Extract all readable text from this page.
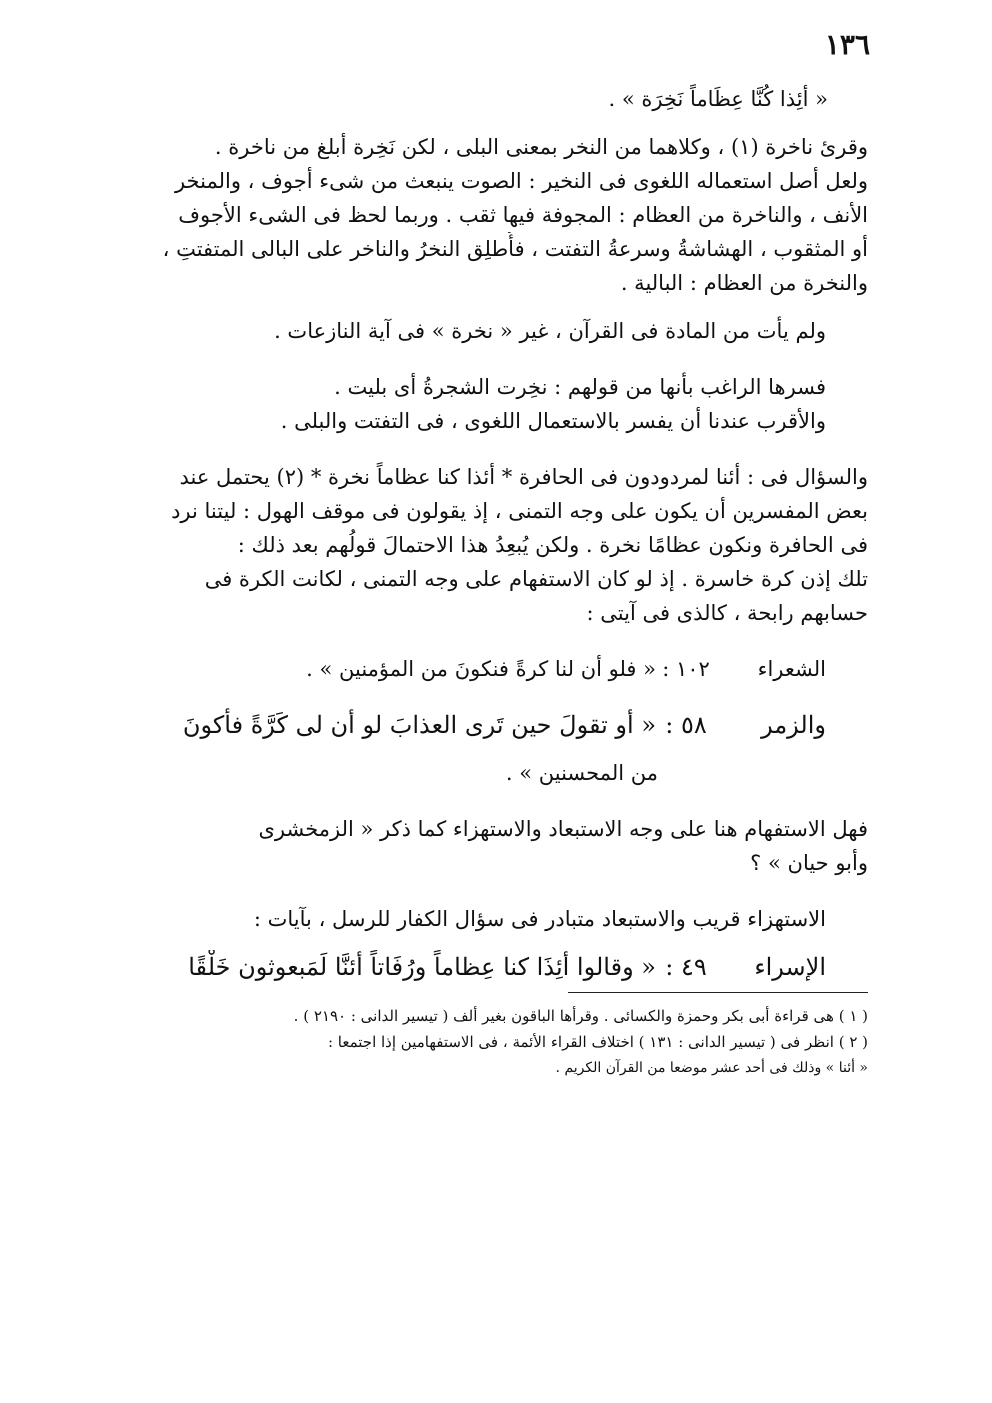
١٣٦
« أئِذا كُنَّا عِظَاماً نَخِرَة » .
وقرئ ناخرة (١) ، وكلاهما من النخر بمعنى البلى ، لكن نَخِرة أبلغ من ناخرة .
ولعل أصل استعماله اللغوى فى النخير : الصوت ينبعث من شىء أجوف ، والمنخر
الأنف ، والناخرة من العظام : المجوفة فيها ثقب . وربما لحظ فى الشىء الأجوف
أو المثقوب ، الهشاشةُ وسرعةُ التفتت ، فأُطلِق النخرُ والناخر على البالى المتفتتِ ،
والنخرة من العظام : البالية .
ولم يأت من المادة فى القرآن ، غير « نخرة » فى آية النازعات .
فسرها الراغب بأنها من قولهم : نخِرت الشجرةُ أى بليت .
والأقرب عندنا أن يفسر بالاستعمال اللغوى ، فى التفتت والبلى .
والسؤال فى : أئنا لمردودون فى الحافرة * أئذا كنا عظاماً نخرة * (٢) يحتمل عند
بعض المفسرين أن يكون على وجه التمنى ، إذ يقولون فى موقف الهول : ليتنا نرد
فى الحافرة ونكون عظامًا نخرة . ولكن يُبعِدُ هذا الاحتمالَ قولُهم بعد ذلك :
تلك إذن كرة خاسرة . إذ لو كان الاستفهام على وجه التمنى ، لكانت الكرة فى
حسابهم رابحة ، كالذى فى آيتى :
الشعراء
١٠٢ :
« فلو أن لنا كرةً فنكونَ من المؤمنين » .
والزمر
٥٨ :
« أو تقولَ حين تَرى العذابَ لو أن لى كَرَّةً فأَكونَ
من المحسنين » .
فهل الاستفهام هنا على وجه الاستبعاد والاستهزاء كما ذكر « الزمخشرى
وأبو حيان » ؟
الاستهزاء قريب والاستبعاد متبادر فى سؤال الكفار للرسل ، بآيات :
الإسراء
٤٩ :
« وقالوا أئِذَا كنا عِظاماً ورُفَاتاً أئنَّا لَمَبعوثون خَلْقًا
( ١ ) هى قراءة أبى بكر وحمزة والكسائى . وقرأها الباقون بغير ألف ( تيسير الدانى : ٢١٩٠ ) .
( ٢ ) انظر فى ( تيسير الدانى : ١٣١ ) اختلاف القراء الأئمة ، فى الاستفهامين إذا اجتمعا :
« أئنا » وذلك فى أحد عشر موضعا من القرآن الكريم .
